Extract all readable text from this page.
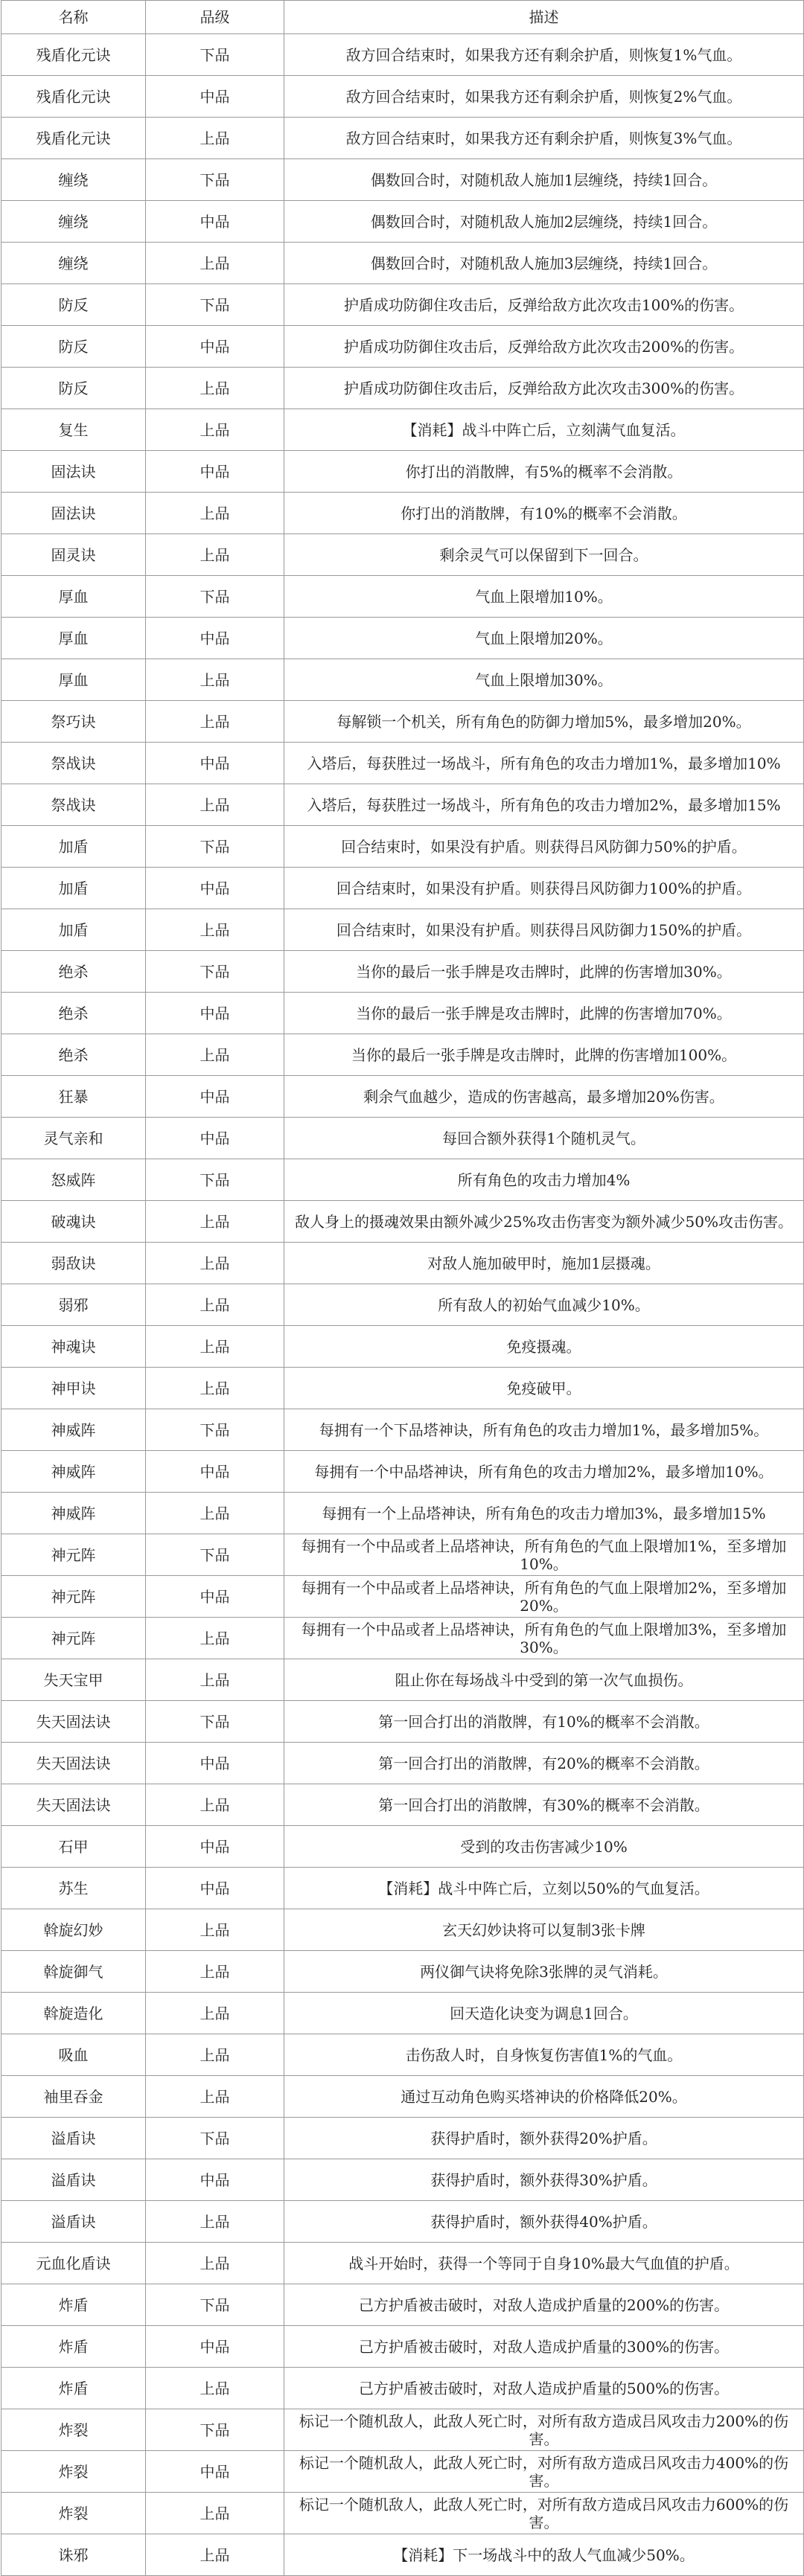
名称	品级	描述
残盾化元诀	下品	敌方回合结束时，如果我方还有剩余护盾，则恢复1%气血。
残盾化元诀	中品	敌方回合结束时，如果我方还有剩余护盾，则恢复2%气血。
残盾化元诀	上品	敌方回合结束时，如果我方还有剩余护盾，则恢复3%气血。
缠绕	下品	偶数回合时，对随机敌人施加1层缠绕，持续1回合。
缠绕	中品	偶数回合时，对随机敌人施加2层缠绕，持续1回合。
缠绕	上品	偶数回合时，对随机敌人施加3层缠绕，持续1回合。
防反	下品	护盾成功防御住攻击后，反弹给敌方此次攻击100%的伤害。
防反	中品	护盾成功防御住攻击后，反弹给敌方此次攻击200%的伤害。
防反	上品	护盾成功防御住攻击后，反弹给敌方此次攻击300%的伤害。
复生	上品	【消耗】战斗中阵亡后，立刻满气血复活。
固法诀	中品	你打出的消散牌，有5%的概率不会消散。
固法诀	上品	你打出的消散牌，有10%的概率不会消散。
固灵诀	上品	剩余灵气可以保留到下一回合。
厚血	下品	气血上限增加10%。
厚血	中品	气血上限增加20%。
厚血	上品	气血上限增加30%。
祭巧诀	上品	每解锁一个机关，所有角色的防御力增加5%，最多增加20%。
祭战诀	中品	入塔后，每获胜过一场战斗，所有角色的攻击力增加1%，最多增加10%
祭战诀	上品	入塔后，每获胜过一场战斗，所有角色的攻击力增加2%，最多增加15%
加盾	下品	回合结束时，如果没有护盾。则获得吕风防御力50%的护盾。
加盾	中品	回合结束时，如果没有护盾。则获得吕风防御力100%的护盾。
加盾	上品	回合结束时，如果没有护盾。则获得吕风防御力150%的护盾。
绝杀	下品	当你的最后一张手牌是攻击牌时，此牌的伤害增加30%。
绝杀	中品	当你的最后一张手牌是攻击牌时，此牌的伤害增加70%。
绝杀	上品	当你的最后一张手牌是攻击牌时，此牌的伤害增加100%。
狂暴	中品	剩余气血越少，造成的伤害越高，最多增加20%伤害。
灵气亲和	中品	每回合额外获得1个随机灵气。
怒威阵	下品	所有角色的攻击力增加4%
破魂诀	上品	敌人身上的摄魂效果由额外减少25%攻击伤害变为额外减少50%攻击伤害。
弱敌诀	上品	对敌人施加破甲时，施加1层摄魂。
弱邪	上品	所有敌人的初始气血减少10%。
神魂诀	上品	免疫摄魂。
神甲诀	上品	免疫破甲。
神威阵	下品	每拥有一个下品塔神诀，所有角色的攻击力增加1%，最多增加5%。
神威阵	中品	每拥有一个中品塔神诀，所有角色的攻击力增加2%，最多增加10%。
神威阵	上品	每拥有一个上品塔神诀，所有角色的攻击力增加3%，最多增加15%
神元阵	下品	每拥有一个中品或者上品塔神诀，所有角色的气血上限增加1%，至多增加10%。
神元阵	中品	每拥有一个中品或者上品塔神诀，所有角色的气血上限增加2%，至多增加20%。
神元阵	上品	每拥有一个中品或者上品塔神诀，所有角色的气血上限增加3%，至多增加30%。
失天宝甲	上品	阻止你在每场战斗中受到的第一次气血损伤。
失天固法诀	下品	第一回合打出的消散牌，有10%的概率不会消散。
失天固法诀	中品	第一回合打出的消散牌，有20%的概率不会消散。
失天固法诀	上品	第一回合打出的消散牌，有30%的概率不会消散。
石甲	中品	受到的攻击伤害减少10%
苏生	中品	【消耗】战斗中阵亡后，立刻以50%的气血复活。
斡旋幻妙	上品	玄天幻妙诀将可以复制3张卡牌
斡旋御气	上品	两仪御气诀将免除3张牌的灵气消耗。
斡旋造化	上品	回天造化诀变为调息1回合。
吸血	上品	击伤敌人时，自身恢复伤害值1%的气血。
袖里吞金	上品	通过互动角色购买塔神诀的价格降低20%。
溢盾诀	下品	获得护盾时，额外获得20%护盾。
溢盾诀	中品	获得护盾时，额外获得30%护盾。
溢盾诀	上品	获得护盾时，额外获得40%护盾。
元血化盾诀	上品	战斗开始时，获得一个等同于自身10%最大气血值的护盾。
炸盾	下品	己方护盾被击破时，对敌人造成护盾量的200%的伤害。
炸盾	中品	己方护盾被击破时，对敌人造成护盾量的300%的伤害。
炸盾	上品	己方护盾被击破时，对敌人造成护盾量的500%的伤害。
炸裂	下品	标记一个随机敌人，此敌人死亡时，对所有敌方造成吕风攻击力200%的伤害。
炸裂	中品	标记一个随机敌人，此敌人死亡时，对所有敌方造成吕风攻击力400%的伤害。
炸裂	上品	标记一个随机敌人，此敌人死亡时，对所有敌方造成吕风攻击力600%的伤害。
诛邪	上品	【消耗】下一场战斗中的敌人气血减少50%。
